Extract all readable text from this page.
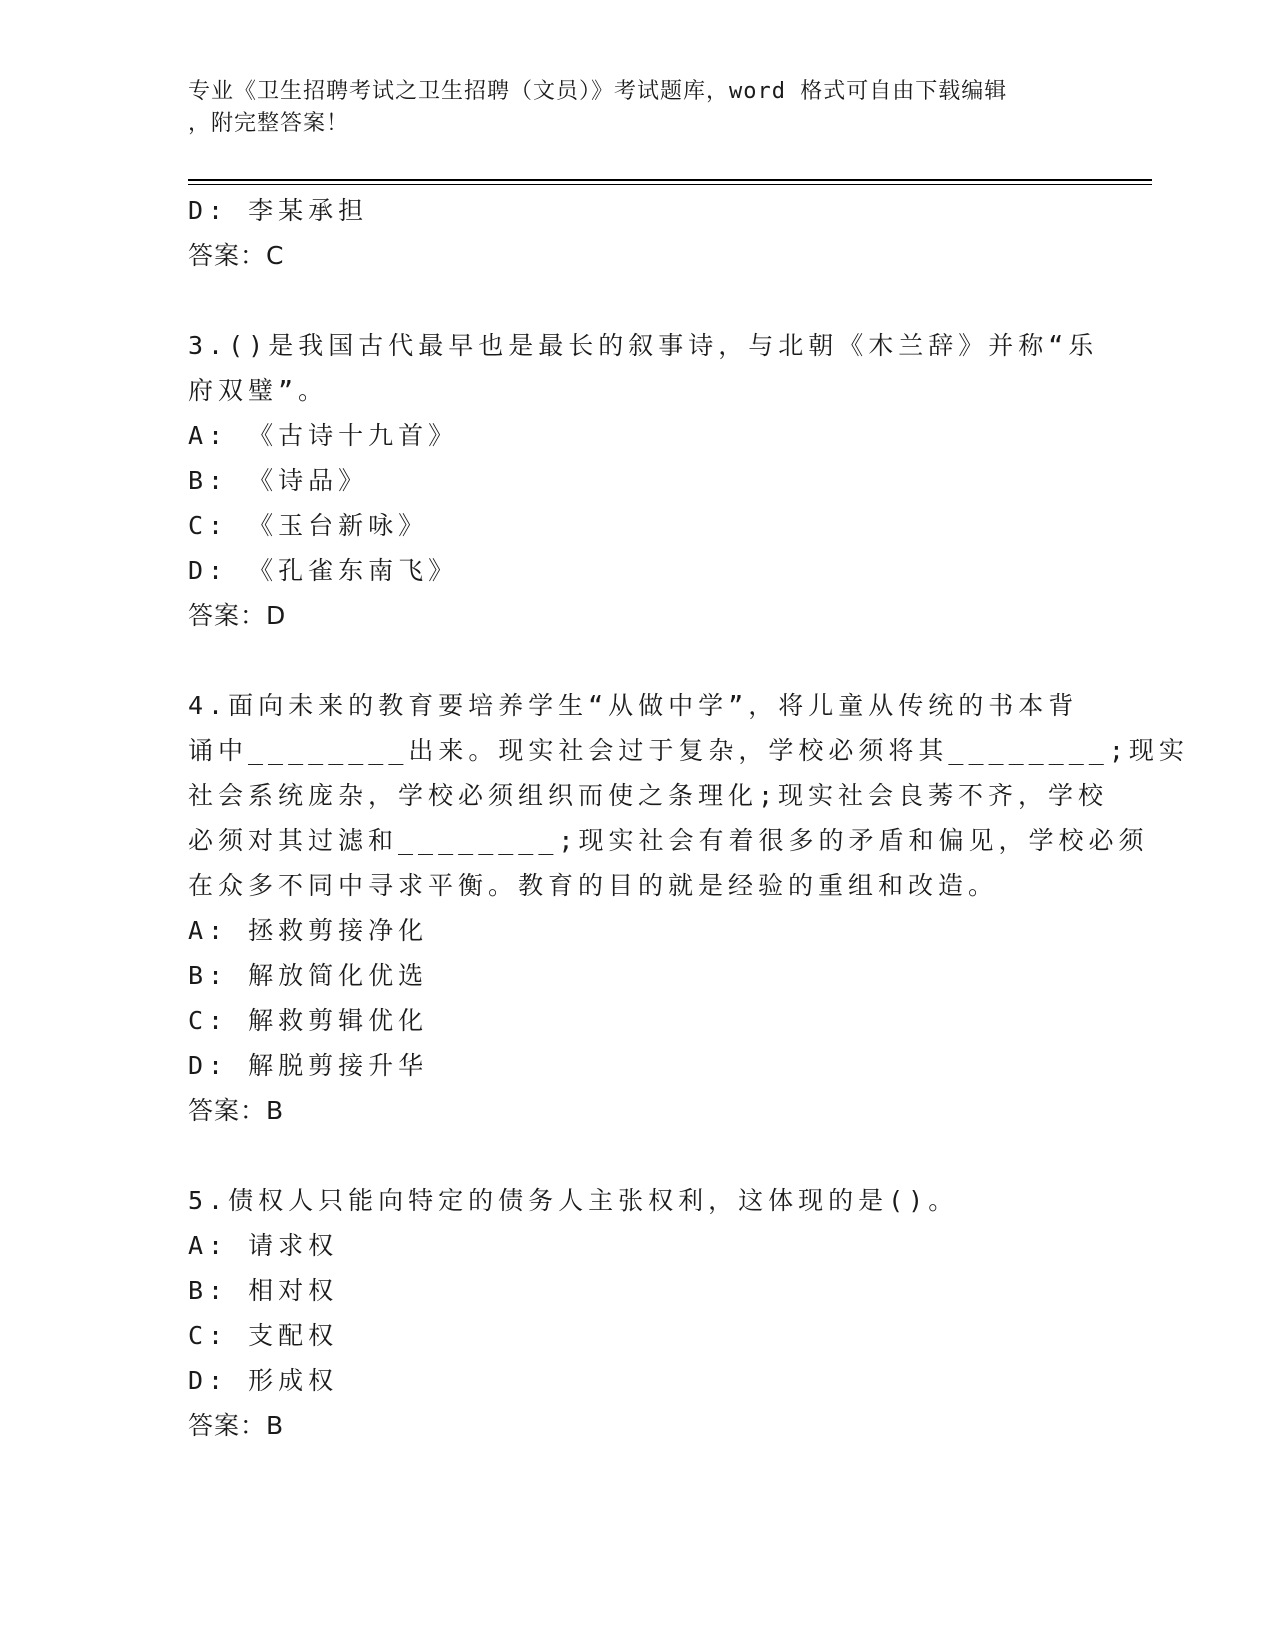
专业《卫生招聘考试之卫生招聘（文员）》考试题库，word 格式可自由下载编辑
，附完整答案！
D: 李某承担
答案：C
3.()是我国古代最早也是最长的叙事诗，与北朝《木兰辞》并称“乐
府双璧”。
A: 《古诗十九首》
B: 《诗品》
C: 《玉台新咏》
D: 《孔雀东南飞》
答案：D
4.面向未来的教育要培养学生“从做中学”，将儿童从传统的书本背
诵中________出来。现实社会过于复杂，学校必须将其________;现实
社会系统庞杂，学校必须组织而使之条理化;现实社会良莠不齐，学校
必须对其过滤和________;现实社会有着很多的矛盾和偏见，学校必须
在众多不同中寻求平衡。教育的目的就是经验的重组和改造。
A: 拯救剪接净化
B: 解放简化优选
C: 解救剪辑优化
D: 解脱剪接升华
答案：B
5.债权人只能向特定的债务人主张权利，这体现的是()。
A: 请求权
B: 相对权
C: 支配权
D: 形成权
答案：B
